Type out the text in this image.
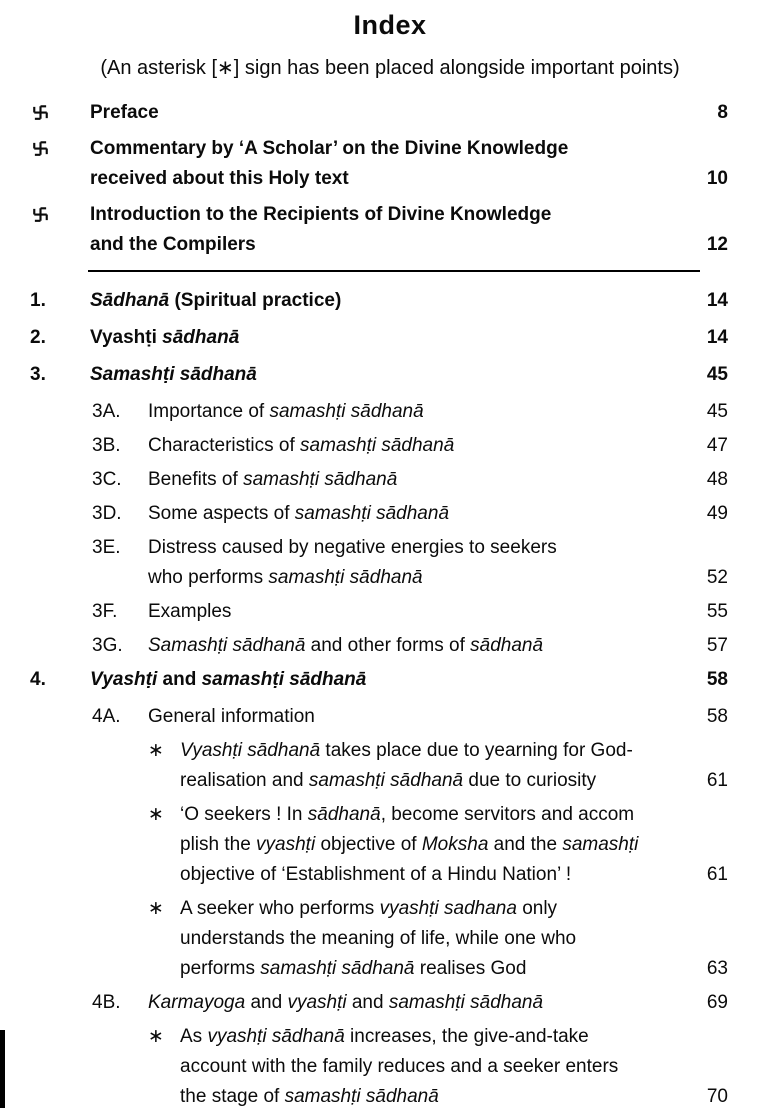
Index
(An asterisk [∗] sign has been placed alongside important points)
Preface	8
Commentary by ‘A Scholar’ on the Divine Knowledge
received about this Holy text	10
Introduction to the Recipients of Divine Knowledge
and the Compilers	12
1.	Sādhanā (Spiritual practice)	14
2.	Vyashṭi sādhanā	14
3.	Samashṭi sādhanā	45
3A.	Importance of samashṭi sādhanā	45
3B.	Characteristics of samashṭi sādhanā	47
3C.	Benefits of samashṭi sādhanā	48
3D.	Some aspects of samashṭi sādhanā	49
3E.	Distress caused by negative energies to seekers
who performs samashṭi sādhanā	52
3F.	Examples	55
3G.	Samashṭi sādhanā and other forms of sādhanā	57
4.	Vyashṭi and samashṭi sādhanā	58
4A.	General information	58
∗ Vyashṭi sādhanā takes place due to yearning for God-
realisation and samashṭi sādhanā due to curiosity	61
∗ ‘O seekers ! In sādhanā, become servitors and accom
plish the vyashṭi objective of Moksha and the samashṭi
objective of ‘Establishment of a Hindu Nation’ !	61
∗ A seeker who performs vyashṭi sadhana only
understands the meaning of life, while one who
performs samashṭi sādhanā realises God	63
4B.	Karmayoga and vyashṭi and samashṭi sādhanā	69
∗ As vyashṭi sādhanā increases, the give-and-take
account with the family reduces and a seeker enters
the stage of samashṭi sādhanā	70
